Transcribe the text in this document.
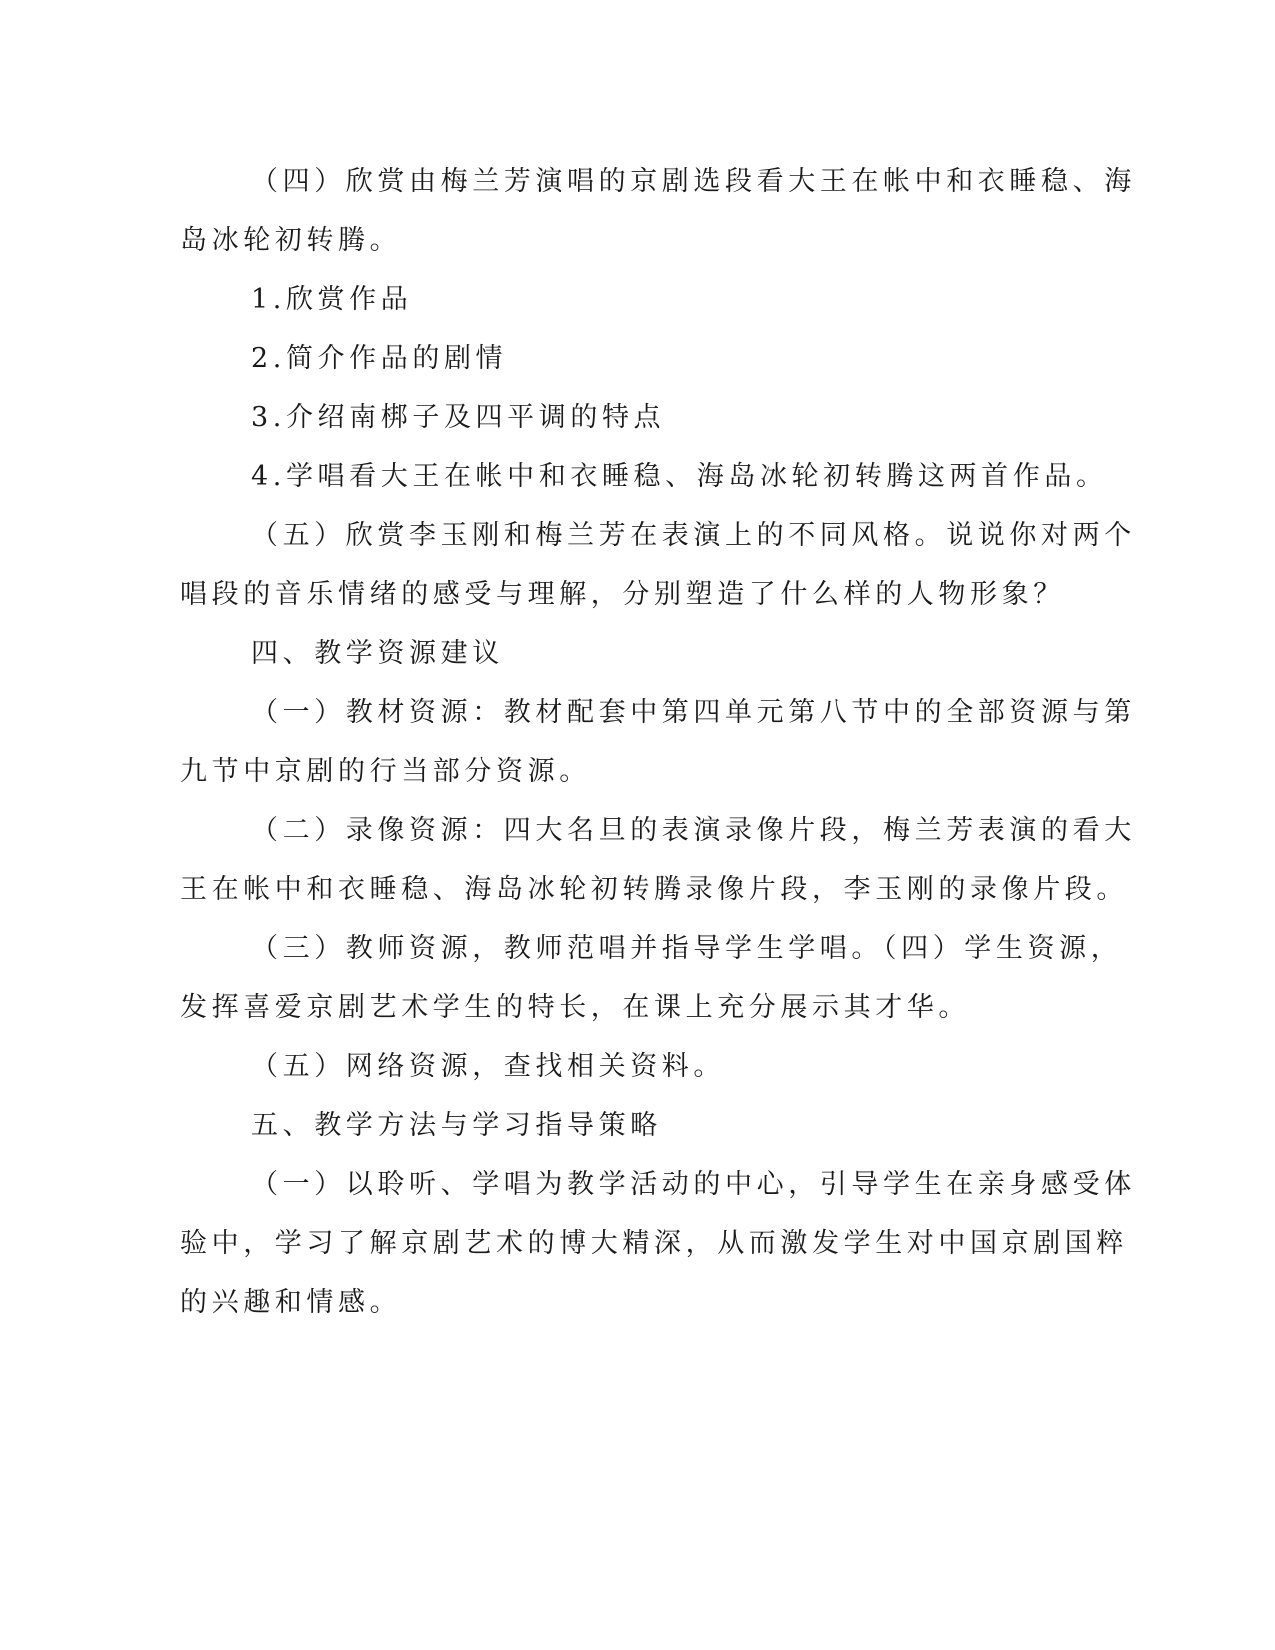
（四）欣赏由梅兰芳演唱的京剧选段看大王在帐中和衣睡稳、海
岛冰轮初转腾。
1.欣赏作品
2.简介作品的剧情
3.介绍南梆子及四平调的特点
4.学唱看大王在帐中和衣睡稳、海岛冰轮初转腾这两首作品。
（五）欣赏李玉刚和梅兰芳在表演上的不同风格。说说你对两个
唱段的音乐情绪的感受与理解，分别塑造了什么样的人物形象？
四、教学资源建议
（一）教材资源：教材配套中第四单元第八节中的全部资源与第
九节中京剧的行当部分资源。
（二）录像资源：四大名旦的表演录像片段，梅兰芳表演的看大
王在帐中和衣睡稳、海岛冰轮初转腾录像片段，李玉刚的录像片段。
（三）教师资源，教师范唱并指导学生学唱。（四）学生资源，
发挥喜爱京剧艺术学生的特长，在课上充分展示其才华。
（五）网络资源，查找相关资料。
五、教学方法与学习指导策略
（一）以聆听、学唱为教学活动的中心，引导学生在亲身感受体
验中，学习了解京剧艺术的博大精深，从而激发学生对中国京剧国粹
的兴趣和情感。
